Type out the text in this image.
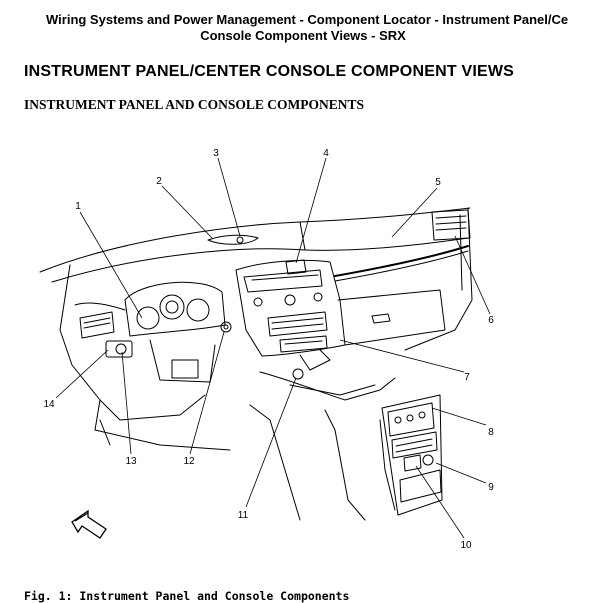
Wiring Systems and Power Management - Component Locator - Instrument Panel/Ce
Console Component Views - SRX
INSTRUMENT PANEL/CENTER CONSOLE COMPONENT VIEWS
INSTRUMENT PANEL AND CONSOLE COMPONENTS
1
2
3	4
5
6
7
8
9
10
11
12
13
14
Fig. 1: Instrument Panel and Console Components
